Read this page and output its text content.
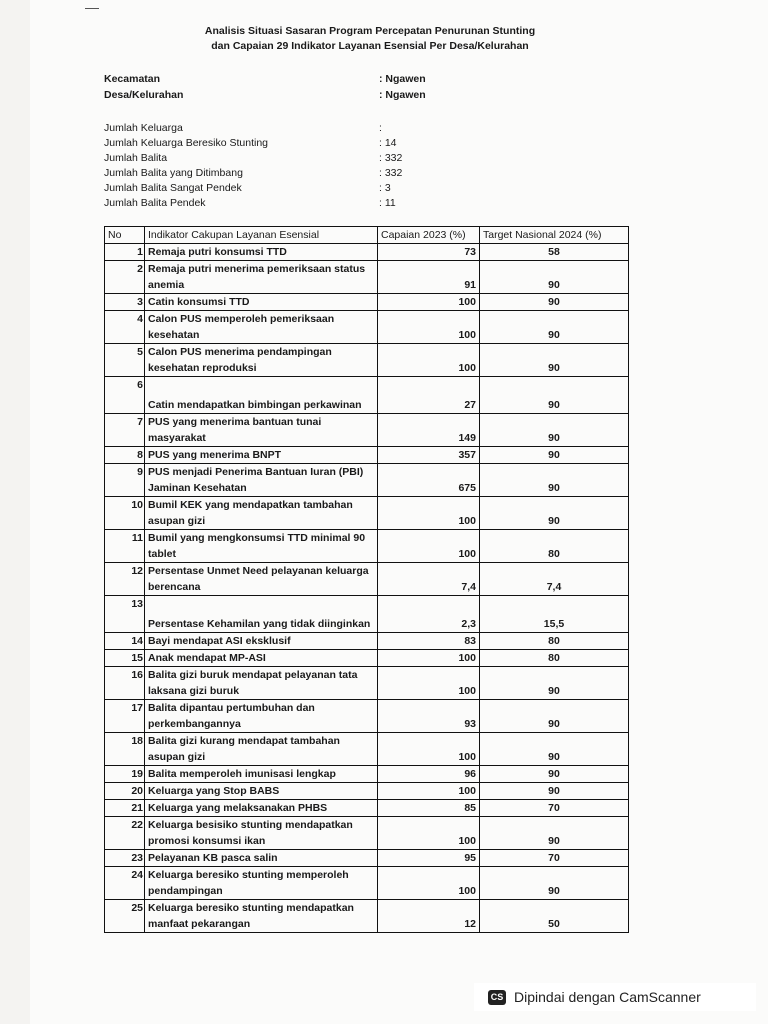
Analisis Situasi Sasaran Program Percepatan Penurunan Stunting
dan Capaian 29 Indikator Layanan Esensial Per Desa/Kelurahan
Kecamatan	: Ngawen
Desa/Kelurahan	: Ngawen
Jumlah Keluarga	:
Jumlah Keluarga Beresiko Stunting	: 14
Jumlah Balita	: 332
Jumlah Balita yang Ditimbang	: 332
Jumlah Balita Sangat Pendek	: 3
Jumlah Balita Pendek	: 11
No	Indikator Cakupan Layanan Esensial	Capaian 2023 (%)	Target Nasional 2024 (%)
1	Remaja putri konsumsi TTD	73	58
2	Remaja putri menerima pemeriksaan status anemia	91	90
3	Catin konsumsi TTD	100	90
4	Calon PUS memperoleh pemeriksaan kesehatan	100	90
5	Calon PUS menerima pendampingan kesehatan reproduksi	100	90
6	Catin mendapatkan bimbingan perkawinan	27	90
7	PUS yang menerima bantuan tunai masyarakat	149	90
8	PUS yang menerima BNPT	357	90
9	PUS menjadi Penerima Bantuan Iuran (PBI) Jaminan Kesehatan	675	90
10	Bumil KEK yang mendapatkan tambahan asupan gizi	100	90
11	Bumil yang mengkonsumsi TTD minimal 90 tablet	100	80
12	Persentase Unmet Need pelayanan keluarga berencana	7,4	7,4
13	Persentase Kehamilan yang tidak diinginkan	2,3	15,5
14	Bayi mendapat ASI eksklusif	83	80
15	Anak mendapat MP-ASI	100	80
16	Balita gizi buruk mendapat pelayanan tata laksana gizi buruk	100	90
17	Balita dipantau pertumbuhan dan perkembangannya	93	90
18	Balita gizi kurang mendapat tambahan asupan gizi	100	90
19	Balita memperoleh imunisasi lengkap	96	90
20	Keluarga yang Stop BABS	100	90
21	Keluarga yang melaksanakan PHBS	85	70
22	Keluarga besisiko stunting mendapatkan promosi konsumsi ikan	100	90
23	Pelayanan KB pasca salin	95	70
24	Keluarga beresiko stunting memperoleh pendampingan	100	90
25	Keluarga beresiko stunting mendapatkan manfaat pekarangan	12	50
CS Dipindai dengan CamScanner
